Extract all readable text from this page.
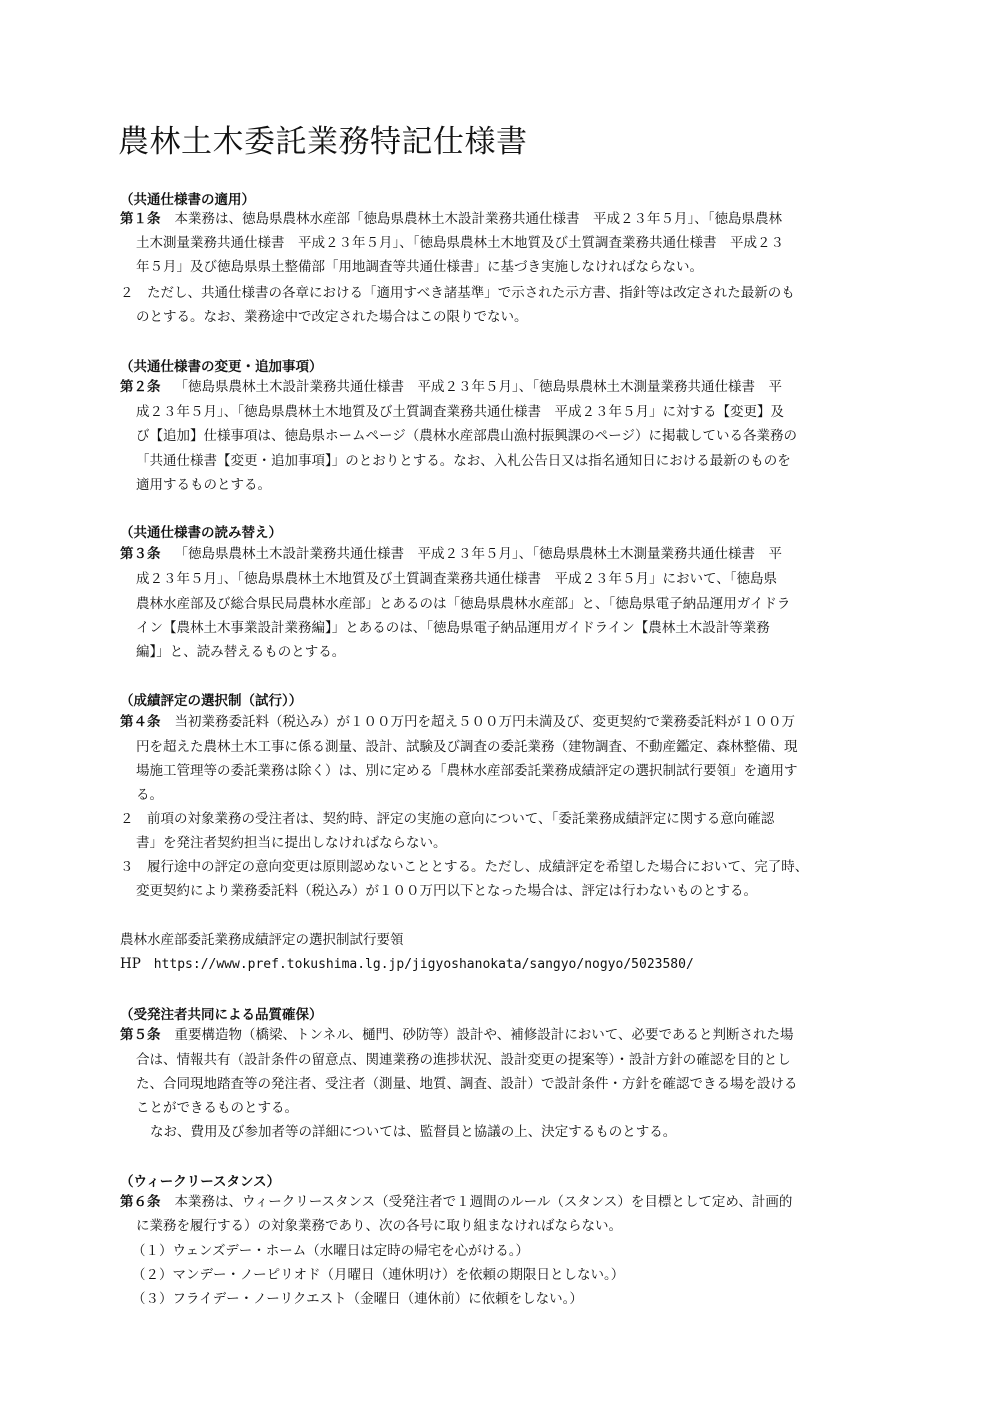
農林土木委託業務特記仕様書
（共通仕様書の適用）
第１条 本業務は、徳島県農林水産部「徳島県農林土木設計業務共通仕様書　平成２３年５月」、「徳島県農林
土木測量業務共通仕様書　平成２３年５月」、「徳島県農林土木地質及び土質調査業務共通仕様書　平成２３
年５月」及び徳島県県土整備部「用地調査等共通仕様書」に基づき実施しなければならない。
２　ただし、共通仕様書の各章における「適用すべき諸基準」で示された示方書、指針等は改定された最新のも
のとする。なお、業務途中で改定された場合はこの限りでない。
（共通仕様書の変更・追加事項）
第２条 「徳島県農林土木設計業務共通仕様書　平成２３年５月」、「徳島県農林土木測量業務共通仕様書　平
成２３年５月」、「徳島県農林土木地質及び土質調査業務共通仕様書　平成２３年５月」に対する【変更】及
び【追加】仕様事項は、徳島県ホームページ（農林水産部農山漁村振興課のページ）に掲載している各業務の
「共通仕様書【変更・追加事項】」のとおりとする。なお、入札公告日又は指名通知日における最新のものを
適用するものとする。
（共通仕様書の読み替え）
第３条 「徳島県農林土木設計業務共通仕様書　平成２３年５月」、「徳島県農林土木測量業務共通仕様書　平
成２３年５月」、「徳島県農林土木地質及び土質調査業務共通仕様書　平成２３年５月」において、「徳島県
農林水産部及び総合県民局農林水産部」とあるのは「徳島県農林水産部」と、「徳島県電子納品運用ガイドラ
イン【農林土木事業設計業務編】」とあるのは、「徳島県電子納品運用ガイドライン【農林土木設計等業務
編】」と、読み替えるものとする。
（成績評定の選択制（試行））
第４条 当初業務委託料（税込み）が１００万円を超え５００万円未満及び、変更契約で業務委託料が１００万
円を超えた農林土木工事に係る測量、設計、試験及び調査の委託業務（建物調査、不動産鑑定、森林整備、現
場施工管理等の委託業務は除く）は、別に定める「農林水産部委託業務成績評定の選択制試行要領」を適用す
る。
２　前項の対象業務の受注者は、契約時、評定の実施の意向について、「委託業務成績評定に関する意向確認
書」を発注者契約担当に提出しなければならない。
３　履行途中の評定の意向変更は原則認めないこととする。ただし、成績評定を希望した場合において、完了時、
変更契約により業務委託料（税込み）が１００万円以下となった場合は、評定は行わないものとする。
農林水産部委託業務成績評定の選択制試行要領
HP https://www.pref.tokushima.lg.jp/jigyoshanokata/sangyo/nogyo/5023580/
（受発注者共同による品質確保）
第５条 重要構造物（橋梁、トンネル、樋門、砂防等）設計や、補修設計において、必要であると判断された場
合は、情報共有（設計条件の留意点、関連業務の進捗状況、設計変更の提案等）・設計方針の確認を目的とし
た、合同現地踏査等の発注者、受注者（測量、地質、調査、設計）で設計条件・方針を確認できる場を設ける
ことができるものとする。
なお、費用及び参加者等の詳細については、監督員と協議の上、決定するものとする。
（ウィークリースタンス）
第６条 本業務は、ウィークリースタンス（受発注者で１週間のルール（スタンス）を目標として定め、計画的
に業務を履行する）の対象業務であり、次の各号に取り組まなければならない。
（１）ウェンズデー・ホーム（水曜日は定時の帰宅を心がける。）
（２）マンデー・ノーピリオド（月曜日（連休明け）を依頼の期限日としない。）
（３）フライデー・ノーリクエスト（金曜日（連休前）に依頼をしない。）
